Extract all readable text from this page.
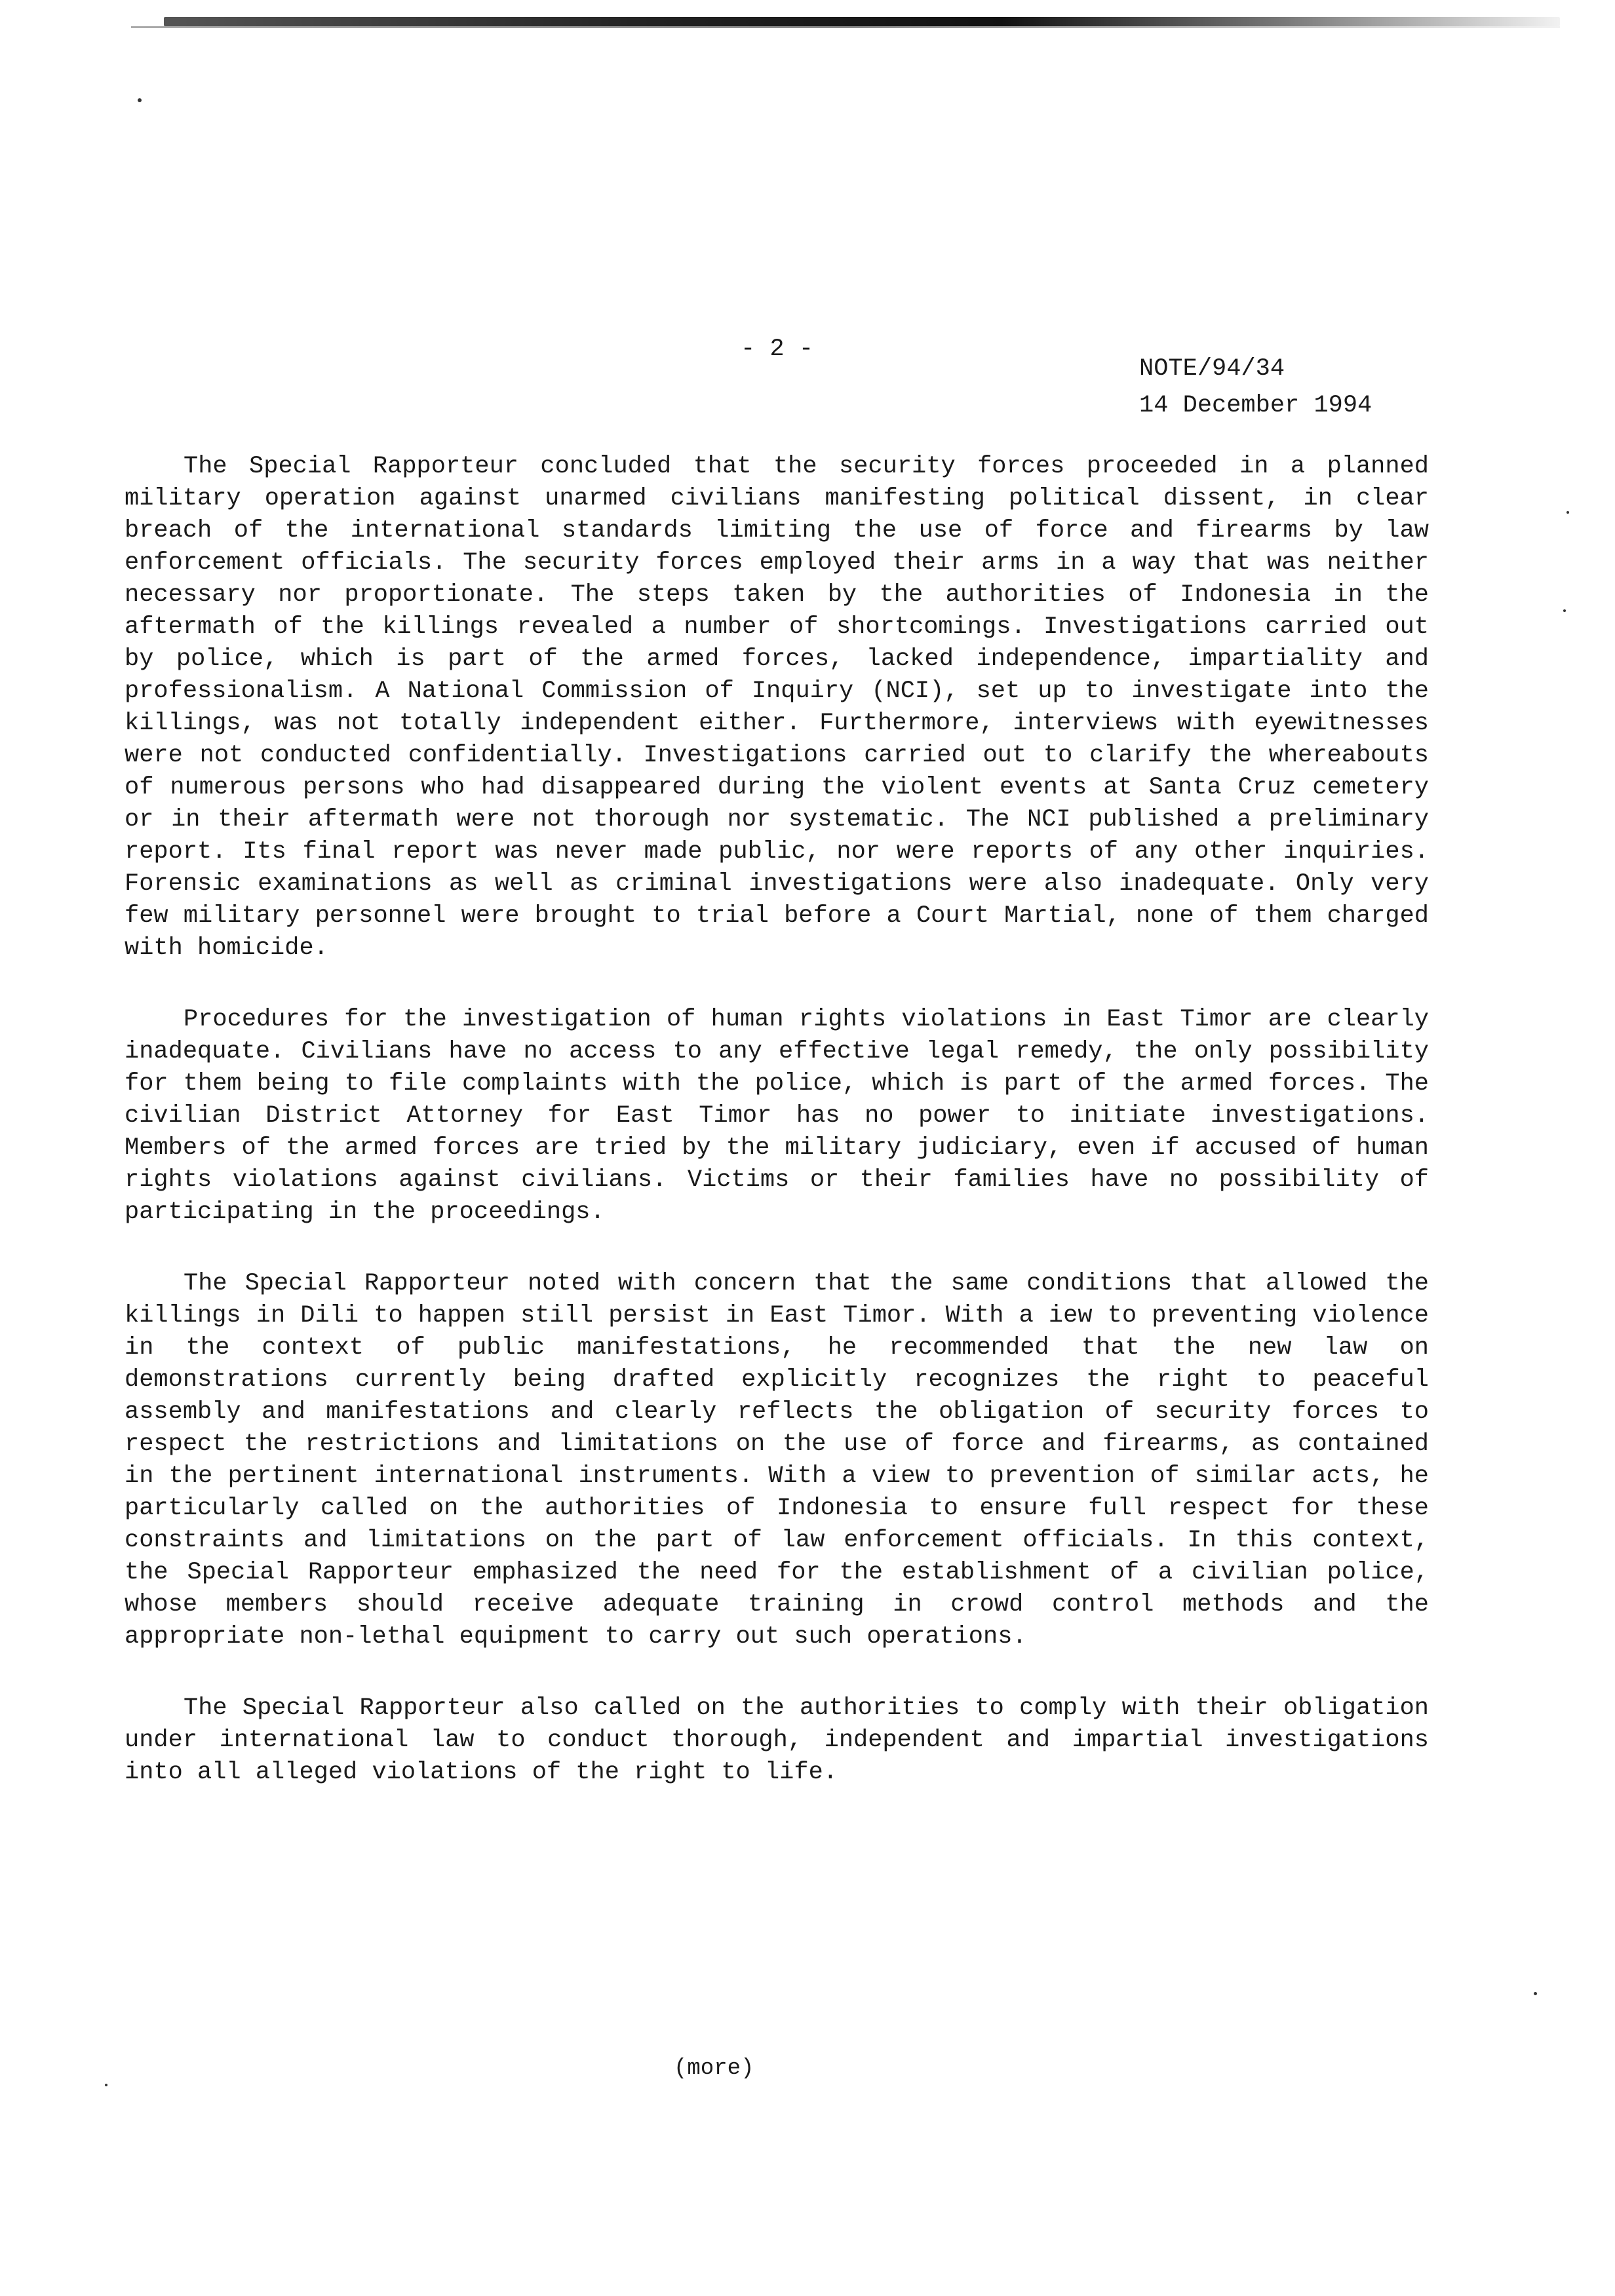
- 2 -
NOTE/94/34
14 December 1994

The Special Rapporteur concluded that the security forces proceeded in a planned military operation against unarmed civilians manifesting political dissent, in clear breach of the international standards limiting the use of force and firearms by law enforcement officials. The security forces employed their arms in a way that was neither necessary nor proportionate. The steps taken by the authorities of Indonesia in the aftermath of the killings revealed a number of shortcomings. Investigations carried out by police, which is part of the armed forces, lacked independence, impartiality and professionalism. A National Commission of Inquiry (NCI), set up to investigate into the killings, was not totally independent either. Furthermore, interviews with eyewitnesses were not conducted confidentially. Investigations carried out to clarify the whereabouts of numerous persons who had disappeared during the violent events at Santa Cruz cemetery or in their aftermath were not thorough nor systematic. The NCI published a preliminary report. Its final report was never made public, nor were reports of any other inquiries. Forensic examinations as well as criminal investigations were also inadequate. Only very few military personnel were brought to trial before a Court Martial, none of them charged with homicide.

Procedures for the investigation of human rights violations in East Timor are clearly inadequate. Civilians have no access to any effective legal remedy, the only possibility for them being to file complaints with the police, which is part of the armed forces. The civilian District Attorney for East Timor has no power to initiate investigations. Members of the armed forces are tried by the military judiciary, even if accused of human rights violations against civilians. Victims or their families have no possibility of participating in the proceedings.

The Special Rapporteur noted with concern that the same conditions that allowed the killings in Dili to happen still persist in East Timor. With a iew to preventing violence in the context of public manifestations, he recommended that the new law on demonstrations currently being drafted explicitly recognizes the right to peaceful assembly and manifestations and clearly reflects the obligation of security forces to respect the restrictions and limitations on the use of force and firearms, as contained in the pertinent international instruments. With a view to prevention of similar acts, he particularly called on the authorities of Indonesia to ensure full respect for these constraints and limitations on the part of law enforcement officials. In this context, the Special Rapporteur emphasized the need for the establishment of a civilian police, whose members should receive adequate training in crowd control methods and the appropriate non-lethal equipment to carry out such operations.

The Special Rapporteur also called on the authorities to comply with their obligation under international law to conduct thorough, independent and impartial investigations into all alleged violations of the right to life.

(more)
